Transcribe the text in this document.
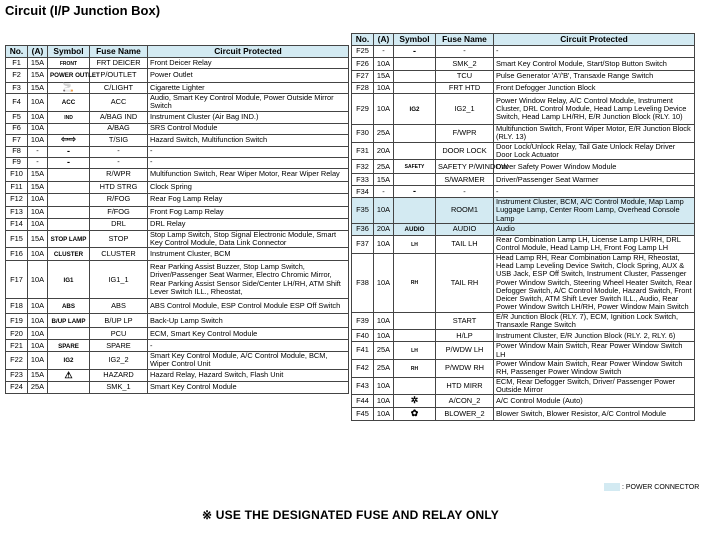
Circuit (I/P Junction Box)
No.	(A)	Symbol	Fuse Name	Circuit Protected
F1	15A	FRONT	FRT DEICER	Front Deicer Relay
F2	15A	POWER OUTLET	P/OUTLET	Power Outlet
F3	15A	🚬	C/LIGHT	Cigarette Lighter
F4	10A	ACC	ACC	Audio, Smart Key Control Module, Power Outside Mirror Switch
F5	10A	IND	A/BAG IND	Instrument Cluster (Air Bag IND.)
F6	10A		A/BAG	SRS Control Module
F7	10A	⇦⇨	T/SIG	Hazard Switch, Multifunction Switch
F8	-	-	-	-
F9	-	-	-	-
F10	15A		R/WPR	Multifunction Switch, Rear Wiper Motor, Rear Wiper Relay
F11	15A		HTD STRG	Clock Spring
F12	10A		R/FOG	Rear Fog Lamp Relay
F13	10A		F/FOG	Front Fog Lamp Relay
F14	10A		DRL	DRL Relay
F15	15A	STOP LAMP	STOP	Stop Lamp Switch, Stop Signal Electronic Module, Smart Key Control Module, Data Link Connector
F16	10A	CLUSTER	CLUSTER	Instrument Cluster, BCM
F17	10A	IG1	IG1_1	Rear Parking Assist Buzzer, Stop Lamp Switch, Driver/Passenger Seat Warmer, Electro Chromic Mirror, Rear Parking Assist Sensor Side/Center LH/RH, ATM Shift Lever Switch ILL., Rheostat,
F18	10A	ABS	ABS	ABS Control Module, ESP Control Module ESP Off Switch
F19	10A	B/UP LAMP	B/UP LP	Back-Up Lamp Switch
F20	10A		PCU	ECM, Smart Key Control Module
F21	10A	SPARE	SPARE	-
F22	10A	IG2	IG2_2	Smart Key Control Module, A/C Control Module, BCM, Wiper Control Unit
F23	15A	⚠	HAZARD	Hazard Relay, Hazard Switch, Flash Unit
F24	25A		SMK_1	Smart Key Control Module
No.	(A)	Symbol	Fuse Name	Circuit Protected
F25	-	-	-	-
F26	10A		SMK_2	Smart Key Control Module, Start/Stop Button Switch
F27	15A		TCU	Pulse Generator 'A'/'B', Transaxle Range Switch
F28	10A		FRT HTD	Front Defogger Junction Block
F29	10A	IG2	IG2_1	Power Window Relay, A/C Control Module, Instrument Cluster, DRL Control Module, Head Lamp Leveling Device Switch, Head Lamp LH/RH, E/R Junction Block (RLY. 10)
F30	25A		F/WPR	Multifunction Switch, Front Wiper Motor, E/R Junction Block (RLY. 13)
F31	20A		DOOR LOCK	Door Lock/Unlock Relay, Tail Gate Unlock Relay Driver Door Lock Actuator
F32	25A	SAFETY	SAFETY P/WINDOW	Driver Safety Power Window Module
F33	15A		S/WARMER	Driver/Passenger Seat Warmer
F34	-	-	-	-
F35	10A		ROOM1	Instrument Cluster, BCM, A/C Control Module, Map Lamp Luggage Lamp, Center Room Lamp, Overhead Console Lamp
F36	20A	AUDIO	AUDIO	Audio
F37	10A	LH	TAIL LH	Rear Combination Lamp LH, License Lamp LH/RH, DRL Control Module, Head Lamp LH, Front Fog Lamp LH
F38	10A	RH	TAIL RH	Head Lamp RH, Rear Combination Lamp RH, Rheostat, Head Lamp Leveling Device Switch, Clock Spring, AUX & USB Jack, ESP Off Switch, Instrument Cluster, Passenger Power Window Switch, Steering Wheel Heater Switch, Rear Defogger Switch, A/C Control Module, Hazard Switch, Front Deicer Switch, ATM Shift Lever Switch ILL., Audio, Rear Power Window Switch LH/RH, Power Window Main Switch
F39	10A		START	E/R Junction Block (RLY. 7), ECM, Ignition Lock Switch, Transaxle Range Switch
F40	10A		H/LP	Instrument Cluster, E/R Junction Block (RLY. 2, RLY. 6)
F41	25A	LH	P/WDW LH	Power Window Main Switch, Rear Power Window Switch LH
F42	25A	RH	P/WDW RH	Power Window Main Switch, Rear Power Window Switch RH, Passenger Power Window Switch
F43	10A		HTD MIRR	ECM, Rear Defogger Switch, Driver/ Passenger Power Outside Mirror
F44	10A	✲	A/CON_2	A/C Control Module (Auto)
F45	10A	✿	BLOWER_2	Blower Switch, Blower Resistor, A/C Control Module
: POWER CONNECTOR
※ USE THE DESIGNATED FUSE AND RELAY ONLY
